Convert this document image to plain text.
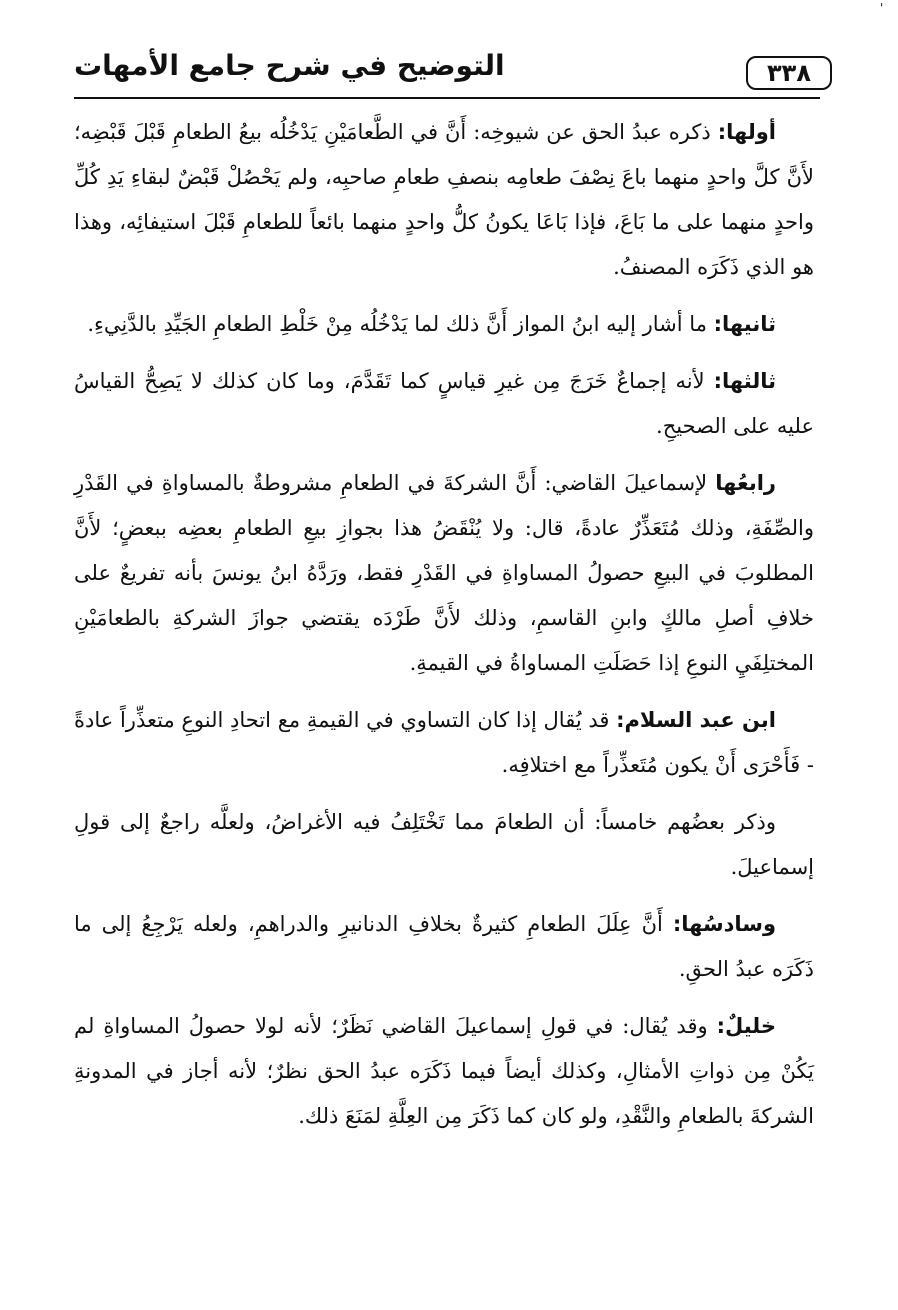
'
٣٣٨
التوضيح في شرح جامع الأمهات

أولها: ذكره عبدُ الحق عن شيوخِه: أَنَّ في الطَّعامَيْنِ يَدْخُلُه بيعُ الطعامِ قَبْلَ قَبْضِه؛ لأَنَّ كلَّ واحدٍ منهما باعَ نِصْفَ طعامِه بنصفِ طعامِ صاحبِه، ولم يَحْصُلْ قَبْضٌ لبقاءِ يَدِ كُلِّ واحدٍ منهما على ما بَاعَ، فإذا بَاعَا يكونُ كلُّ واحدٍ منهما بائعاً للطعامِ قَبْلَ استيفائِه، وهذا هو الذي ذَكَرَه المصنفُ.

ثانيها: ما أشار إليه ابنُ المواز أَنَّ ذلك لما يَدْخُلُه مِنْ خَلْطِ الطعامِ الجَيِّدِ بالدَّنِيءِ.

ثالثها: لأنه إجماعٌ خَرَجَ مِن غيرِ قياسٍ كما تَقَدَّمَ، وما كان كذلك لا يَصِحُّ القياسُ عليه على الصحيحِ.

رابعُها لإسماعيلَ القاضي: أَنَّ الشركةَ في الطعامِ مشروطةٌ بالمساواةِ في القَدْرِ والصِّفَةِ، وذلك مُتَعَذِّرٌ عادةً، قال: ولا يُنْقَضُ هذا بجوازِ بيعِ الطعامِ بعضِه ببعضٍ؛ لأَنَّ المطلوبَ في البيعِ حصولُ المساواةِ في القَدْرِ فقط، ورَدَّهُ ابنُ يونسَ بأنه تفريعٌ على خلافِ أصلِ مالكٍ وابنِ القاسمِ، وذلك لأَنَّ طَرْدَه يقتضي جوازَ الشركةِ بالطعامَيْنِ المختلِفَيِ النوعِ إذا حَصَلَتِ المساواةُ في القيمةِ.

ابن عبد السلام: قد يُقال إذا كان التساوي في القيمةِ مع اتحادِ النوعِ متعذِّراً عادةً - فَأَحْرَى أَنْ يكون مُتَعذِّراً مع اختلافِه.

وذكر بعضُهم خامساً: أن الطعامَ مما تَخْتَلِفُ فيه الأغراضُ، ولعلَّه راجعٌ إلى قولِ إسماعيلَ.

وسادسُها: أَنَّ عِلَلَ الطعامِ كثيرةٌ بخلافِ الدنانيرِ والدراهمِ، ولعله يَرْجِعُ إلى ما ذَكَرَه عبدُ الحقِ.

خليلٌ: وقد يُقال: في قولِ إسماعيلَ القاضي نَظَرٌ؛ لأنه لولا حصولُ المساواةِ لم يَكُنْ مِن ذواتِ الأمثالِ، وكذلك أيضاً فيما ذَكَرَه عبدُ الحق نظرٌ؛ لأنه أجاز في المدونةِ الشركةَ بالطعامِ والنَّقْدِ، ولو كان كما ذَكَرَ مِن العِلَّةِ لمَنَعَ ذلك.
